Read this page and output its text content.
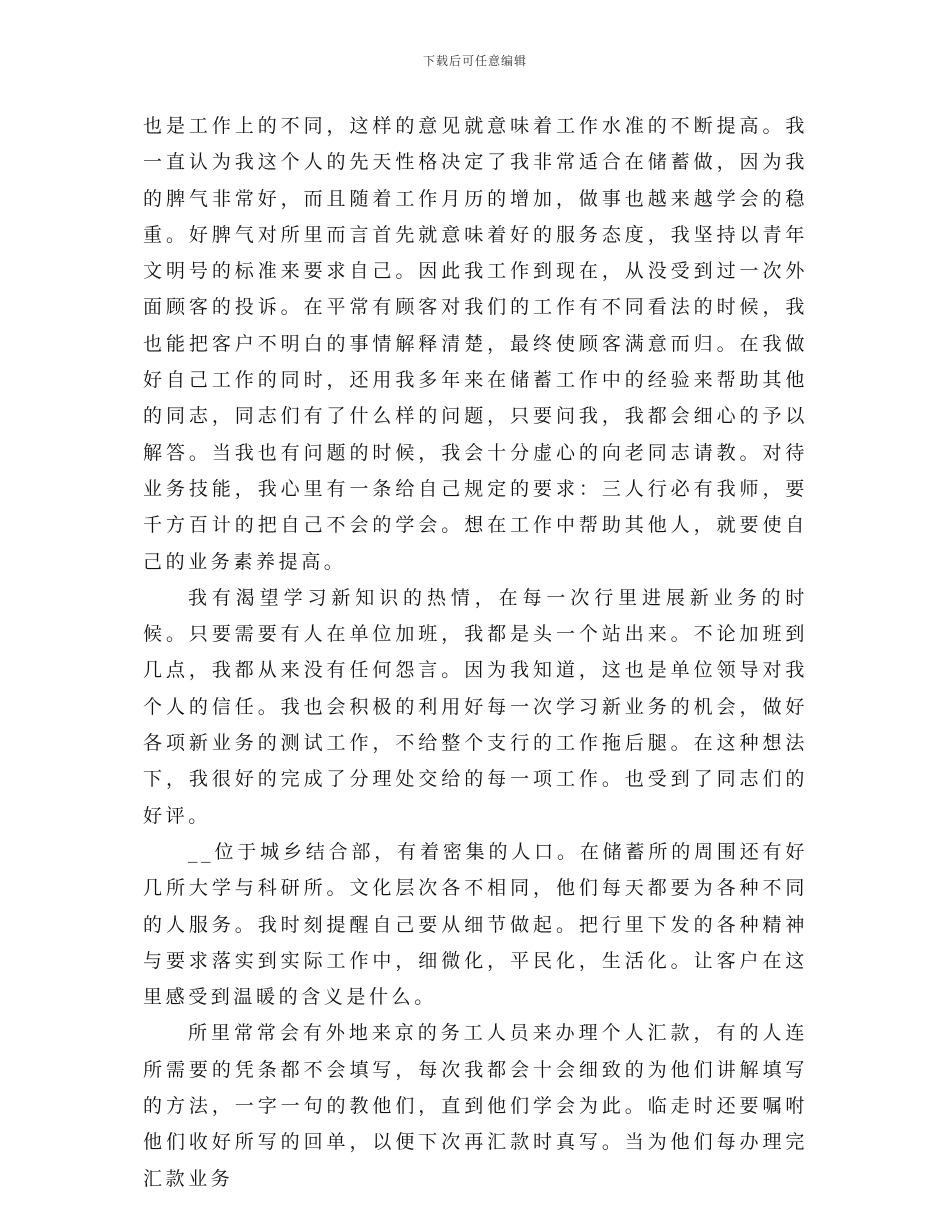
下载后可任意编辑

也是工作上的不同，这样的意见就意味着工作水准的不断提高。我一直认为我这个人的先天性格决定了我非常适合在储蓄做，因为我的脾气非常好，而且随着工作月历的增加，做事也越来越学会的稳重。好脾气对所里而言首先就意味着好的服务态度，我坚持以青年文明号的标准来要求自己。因此我工作到现在，从没受到过一次外面顾客的投诉。在平常有顾客对我们的工作有不同看法的时候，我也能把客户不明白的事情解释清楚，最终使顾客满意而归。在我做好自己工作的同时，还用我多年来在储蓄工作中的经验来帮助其他的同志，同志们有了什么样的问题，只要问我，我都会细心的予以解答。当我也有问题的时候，我会十分虚心的向老同志请教。对待业务技能，我心里有一条给自己规定的要求：三人行必有我师，要千方百计的把自己不会的学会。想在工作中帮助其他人，就要使自己的业务素养提高。

我有渴望学习新知识的热情，在每一次行里进展新业务的时候。只要需要有人在单位加班，我都是头一个站出来。不论加班到几点，我都从来没有任何怨言。因为我知道，这也是单位领导对我个人的信任。我也会积极的利用好每一次学习新业务的机会，做好各项新业务的测试工作，不给整个支行的工作拖后腿。在这种想法下，我很好的完成了分理处交给的每一项工作。也受到了同志们的好评。

__位于城乡结合部，有着密集的人口。在储蓄所的周围还有好几所大学与科研所。文化层次各不相同，他们每天都要为各种不同的人服务。我时刻提醒自己要从细节做起。把行里下发的各种精神与要求落实到实际工作中，细微化，平民化，生活化。让客户在这里感受到温暖的含义是什么。

所里常常会有外地来京的务工人员来办理个人汇款，有的人连所需要的凭条都不会填写，每次我都会十会细致的为他们讲解填写的方法，一字一句的教他们，直到他们学会为此。临走时还要嘱咐他们收好所写的回单，以便下次再汇款时真写。当为他们每办理完汇款业务
